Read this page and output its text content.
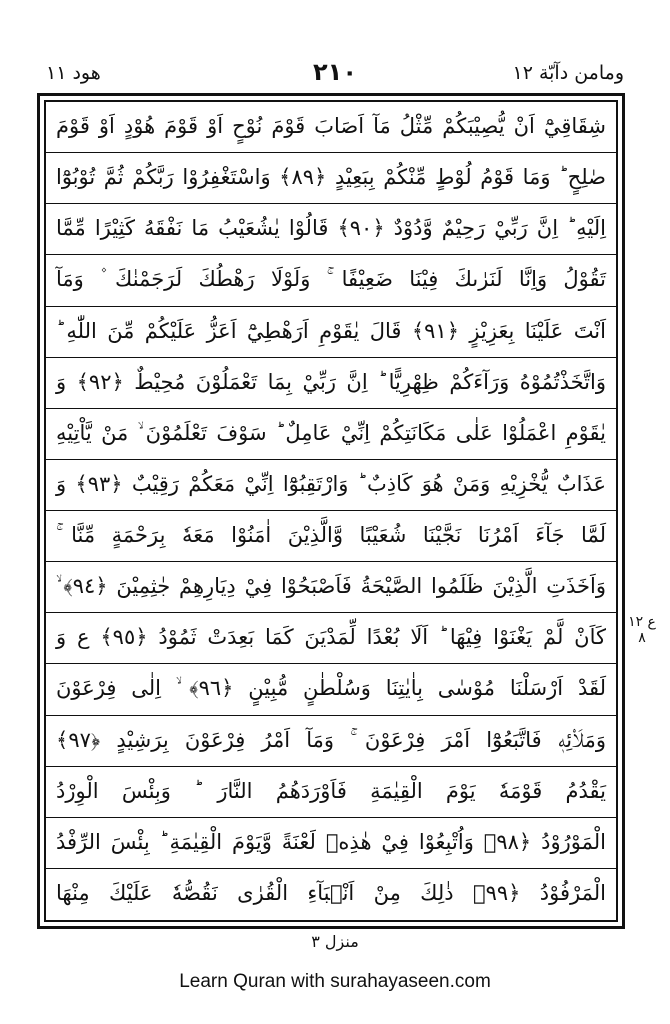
ومامن دآبّة ١٢
٢١٠
هود ١١
شِقَاقِيْٓ اَنْ يُّصِيْبَكُمْ مِّثْلُ مَآ اَصَابَ قَوْمَ نُوْحٍ اَوْ قَوْمَ هُوْدٍ اَوْ قَوْمَ
صٰلِحٍ ؕ وَمَا قَوْمُ لُوْطٍ مِّنْكُمْ بِبَعِيْدٍ ﴿٨٩﴾ وَاسْتَغْفِرُوْا رَبَّكُمْ ثُمَّ تُوْبُوْٓا
اِلَيْهِ ؕ اِنَّ رَبِّيْ رَحِيْمٌ وَّدُوْدٌ ﴿٩٠﴾ قَالُوْا يٰشُعَيْبُ مَا نَفْقَهُ كَثِيْرًا مِّمَّا
تَقُوْلُ وَاِنَّا لَنَرٰىكَ فِيْنَا ضَعِيْفًا ۚ وَلَوْلَا رَهْطُكَ لَرَجَمْنٰكَ ۫ وَمَآ
اَنْتَ عَلَيْنَا بِعَزِيْزٍ ﴿٩١﴾ قَالَ يٰقَوْمِ اَرَهْطِيْٓ اَعَزُّ عَلَيْكُمْ مِّنَ اللّٰهِ ؕ
وَاتَّخَذْتُمُوْهُ وَرَآءَكُمْ ظِهْرِيًّا ؕ اِنَّ رَبِّيْ بِمَا تَعْمَلُوْنَ مُحِيْطٌ ﴿٩٢﴾ وَ
يٰقَوْمِ اعْمَلُوْا عَلٰى مَكَانَتِكُمْ اِنِّيْ عَامِلٌ ؕ سَوْفَ تَعْلَمُوْنَ ۙ مَنْ يَّاْتِيْهِ
عَذَابٌ يُّخْزِيْهِ وَمَنْ هُوَ كَاذِبٌ ؕ وَارْتَقِبُوْٓا اِنِّيْ مَعَكُمْ رَقِيْبٌ ﴿٩٣﴾ وَ
لَمَّا جَآءَ اَمْرُنَا نَجَّيْنَا شُعَيْبًا وَّالَّذِيْنَ اٰمَنُوْا مَعَهٗ بِرَحْمَةٍ مِّنَّا ۚ
وَاَخَذَتِ الَّذِيْنَ ظَلَمُوا الصَّيْحَةُ فَاَصْبَحُوْا فِيْ دِيَارِهِمْ جٰثِمِيْنَ ﴿٩٤﴾ ۙ
كَاَنْ لَّمْ يَغْنَوْا فِيْهَا ؕ اَلَا بُعْدًا لِّمَدْيَنَ كَمَا بَعِدَتْ ثَمُوْدُ ﴿٩٥﴾ ع وَ
لَقَدْ اَرْسَلْنَا مُوْسٰى بِاٰيٰتِنَا وَسُلْطٰنٍ مُّبِيْنٍ ﴿٩٦﴾ ۙ اِلٰى فِرْعَوْنَ
وَمَلَا۟ئِهٖ فَاتَّبَعُوْٓا اَمْرَ فِرْعَوْنَ ۚ وَمَآ اَمْرُ فِرْعَوْنَ بِرَشِيْدٍ ﴿٩٧﴾
يَقْدُمُ قَوْمَهٗ يَوْمَ الْقِيٰمَةِ فَاَوْرَدَهُمُ النَّارَ ؕ وَبِئْسَ الْوِرْدُ
الْمَوْرُوْدُ ﴿٩٨﴾ وَاُتْبِعُوْا فِيْ هٰذِهٖ لَعْنَةً وَّيَوْمَ الْقِيٰمَةِ ؕ بِئْسَ الرِّفْدُ
الْمَرْفُوْدُ ﴿٩٩﴾ ذٰلِكَ مِنْ اَنْۢبَآءِ الْقُرٰى نَقُصُّهٗ عَلَيْكَ مِنْهَا
ع ١٢ ٨
منزل ٣
Learn Quran with surahayaseen.com
